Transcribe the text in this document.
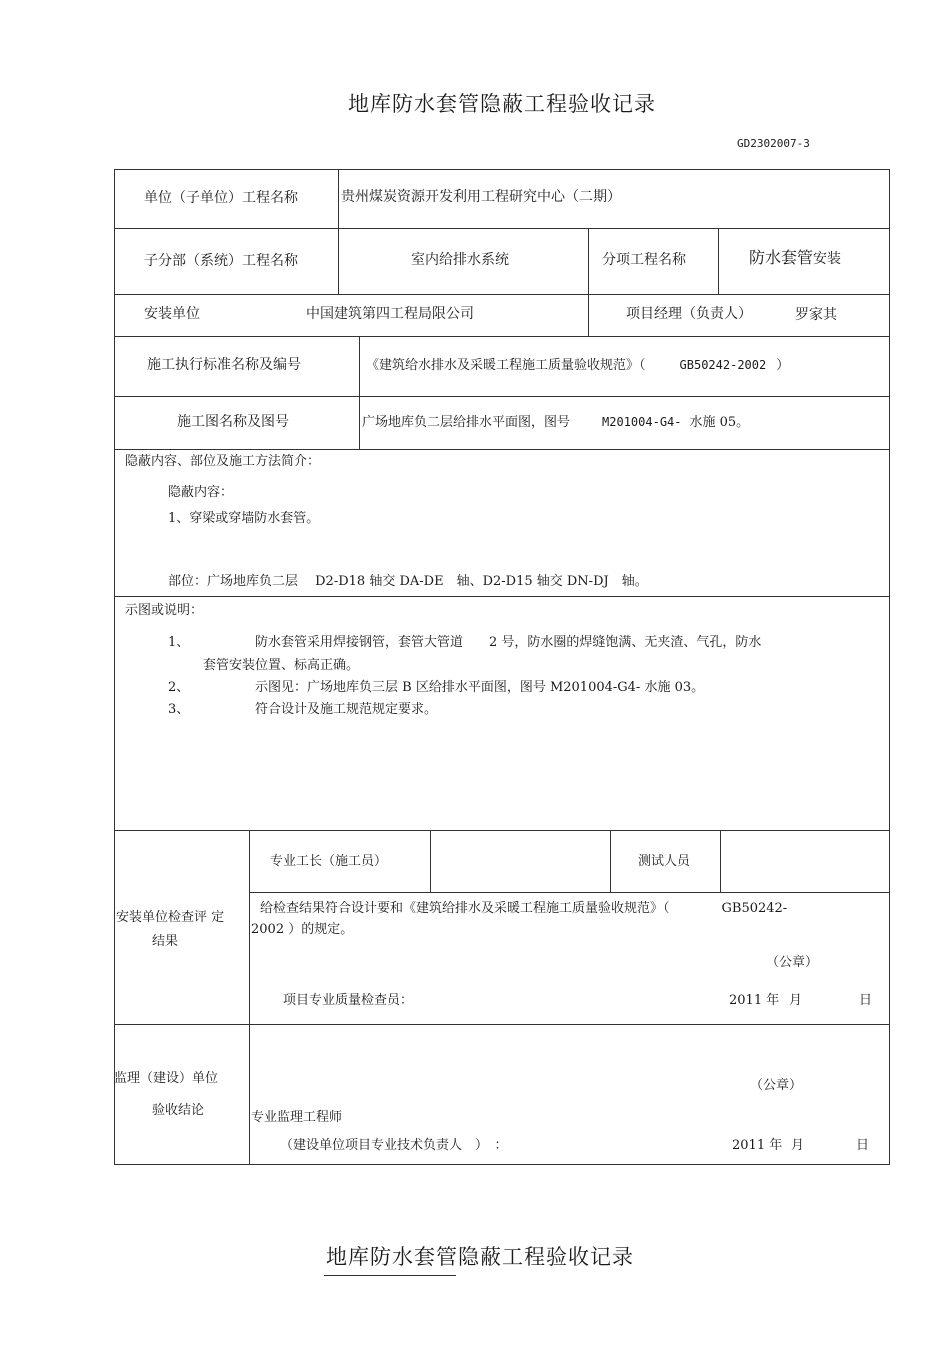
地库防水套管隐蔽工程验收记录
GD2302007-3
单位（子单位）工程名称	贵州煤炭资源开发利用工程研究中心（二期）
子分部（系统）工程名称	室内给排水系统	分项工程名称	防水套管安装
安装单位	中国建筑第四工程局限公司	项目经理（负责人）	罗家其
施工执行标准名称及编号	《建筑给水排水及采暖工程施工质量验收规范》（	GB50242-2002 ）
施工图名称及图号	广场地库负二层给排水平面图，图号	M201004-G4- 水施 05。
隐蔽内容、部位及施工方法简介：
隐蔽内容：
1、穿梁或穿墙防水套管。
部位：广场地库负二层　 D2-D18 轴交 DA-DE　轴、D2-D15 轴交 DN-DJ　轴。
示图或说明：
1、	防水套管采用焊接钢管，套管大管道　　2 号，防水圈的焊缝饱满、无夹渣、气孔，防水
套管安装位置、标高正确。
2、	示图见：广场地库负三层 B 区给排水平面图，图号 M201004-G4- 水施 03。
3、	符合设计及施工规范规定要求。
安装单位检查评 定
结果
专业工长（施工员）	测试人员
给检查结果符合设计要和《建筑给排水及采暖工程施工质量验收规范》（　　　　GB50242-
2002 ）的规定。
（公章）
项目专业质量检查员：	2011 年 月	日
监理（建设）单位
验收结论
（公章）
专业监理工程师
（建设单位项目专业技术负责人　）　：	2011 年 月	日
地库防水套管隐蔽工程验收记录
